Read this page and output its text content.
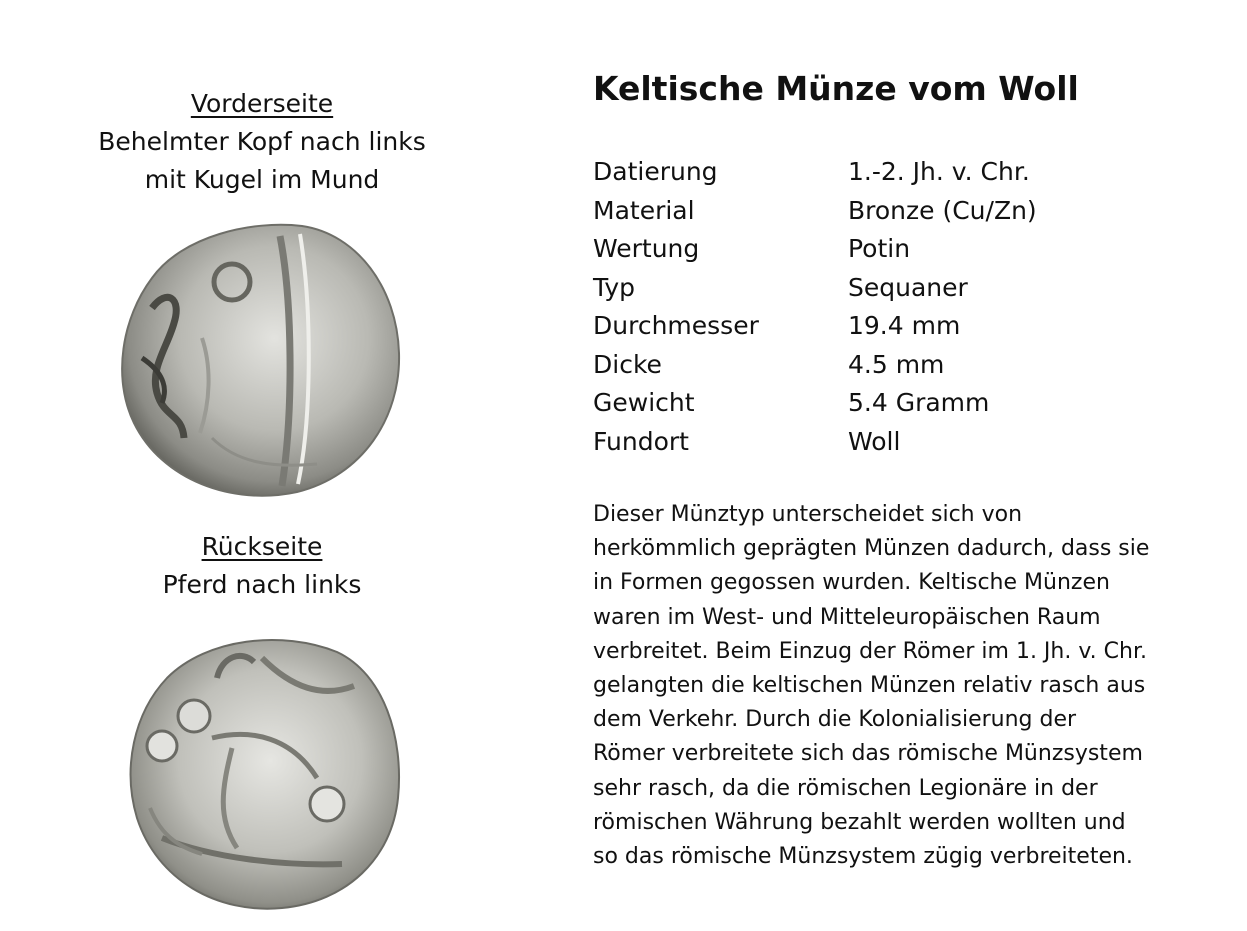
Vorderseite
Behelmter Kopf nach links
mit Kugel im Mund
Rückseite
Pferd nach links
Keltische Münze vom Woll
Datierung	1.-2. Jh. v. Chr.
Material	Bronze (Cu/Zn)
Wertung	Potin
Typ	Sequaner
Durchmesser	19.4 mm
Dicke	4.5 mm
Gewicht	5.4 Gramm
Fundort	Woll

Dieser Münztyp unterscheidet sich von
herkömmlich geprägten Münzen dadurch, dass sie
in Formen gegossen wurden. Keltische Münzen
waren im West- und Mitteleuropäischen Raum
verbreitet. Beim Einzug der Römer im 1. Jh. v. Chr.
gelangten die keltischen Münzen relativ rasch aus
dem Verkehr. Durch die Kolonialisierung der
Römer verbreitete sich das römische Münzsystem
sehr rasch, da die römischen Legionäre in der
römischen Währung bezahlt werden wollten und
so das römische Münzsystem zügig verbreiteten.
